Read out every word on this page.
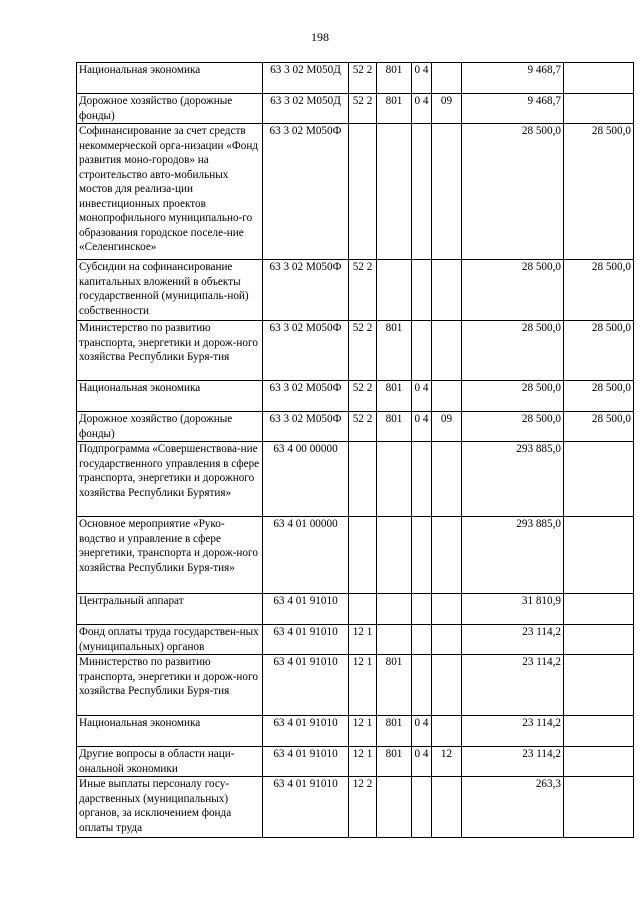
198
Национальная экономика	63 3 02 М050Д	52 2	801	0 4		9 468,7	
Дорожное хозяйство (дорожные фонды)	63 3 02 М050Д	52 2	801	0 4	09	9 468,7	
Софинансирование за счет средств некоммерческой орга-низации «Фонд развития моно-городов» на строительство авто-мобильных мостов для реализа-ции инвестиционных проектов монопрофильного муниципально-го образования городское поселе-ние «Селенгинское»	63 3 02 М050Ф					28 500,0	28 500,0
Субсидии на софинансирование капитальных вложений в объекты государственной (муниципаль-ной) собственности	63 3 02 М050Ф	52 2				28 500,0	28 500,0
Министерство по развитию транспорта, энергетики и дорож-ного хозяйства Республики Буря-тия	63 3 02 М050Ф	52 2	801			28 500,0	28 500,0
Национальная экономика	63 3 02 М050Ф	52 2	801	0 4		28 500,0	28 500,0
Дорожное хозяйство (дорожные фонды)	63 3 02 М050Ф	52 2	801	0 4	09	28 500,0	28 500,0
Подпрограмма «Совершенствова-ние государственного управления в сфере транспорта, энергетики и дорожного хозяйства Республики Бурятия»	63 4 00 00000					293 885,0	
Основное мероприятие «Руко-водство и управление в сфере энергетики, транспорта и дорож-ного хозяйства Республики Буря-тия»	63 4 01 00000					293 885,0	
Центральный аппарат	63 4 01 91010					31 810,9	
Фонд оплаты труда государствен-ных (муниципальных) органов	63 4 01 91010	12 1				23 114,2	
Министерство по развитию транспорта, энергетики и дорож-ного хозяйства Республики Буря-тия	63 4 01 91010	12 1	801			23 114,2	
Национальная экономика	63 4 01 91010	12 1	801	0 4		23 114,2	
Другие вопросы в области наци-ональной экономики	63 4 01 91010	12 1	801	0 4	12	23 114,2	
Иные выплаты персоналу госу-дарственных (муниципальных) органов, за исключением фонда оплаты труда	63 4 01 91010	12 2				263,3	
